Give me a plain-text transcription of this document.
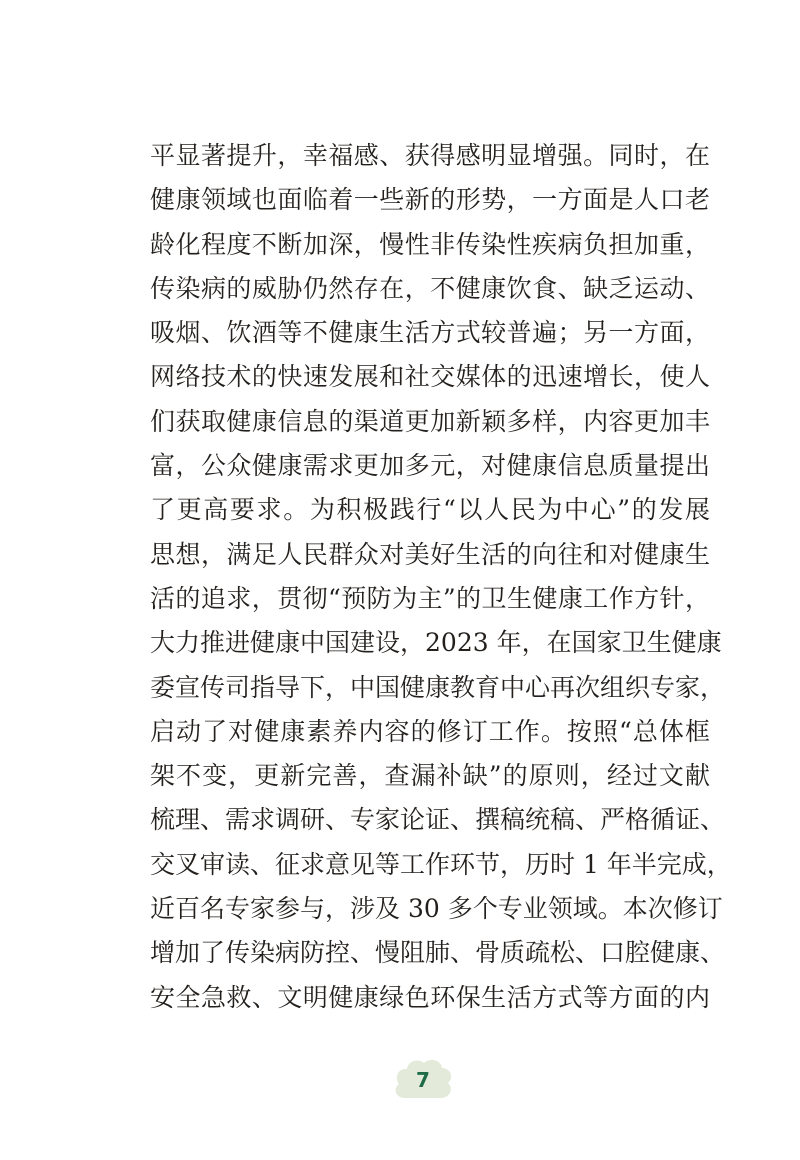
平显著提升，幸福感、获得感明显增强。同时，在
健康领域也面临着一些新的形势，一方面是人口老
龄化程度不断加深，慢性非传染性疾病负担加重，
传染病的威胁仍然存在，不健康饮食、缺乏运动、
吸烟、饮酒等不健康生活方式较普遍；另一方面，
网络技术的快速发展和社交媒体的迅速增长，使人
们获取健康信息的渠道更加新颖多样，内容更加丰
富，公众健康需求更加多元，对健康信息质量提出
了更高要求。为积极践行“以人民为中心”的发展
思想，满足人民群众对美好生活的向往和对健康生
活的追求，贯彻“预防为主”的卫生健康工作方针，
大力推进健康中国建设，2023 年，在国家卫生健康
委宣传司指导下，中国健康教育中心再次组织专家，
启动了对健康素养内容的修订工作。按照“总体框
架不变，更新完善，查漏补缺”的原则，经过文献
梳理、需求调研、专家论证、撰稿统稿、严格循证、
交叉审读、征求意见等工作环节，历时 1 年半完成，
近百名专家参与，涉及 30 多个专业领域。本次修订
增加了传染病防控、慢阻肺、骨质疏松、口腔健康、
安全急救、文明健康绿色环保生活方式等方面的内
7
